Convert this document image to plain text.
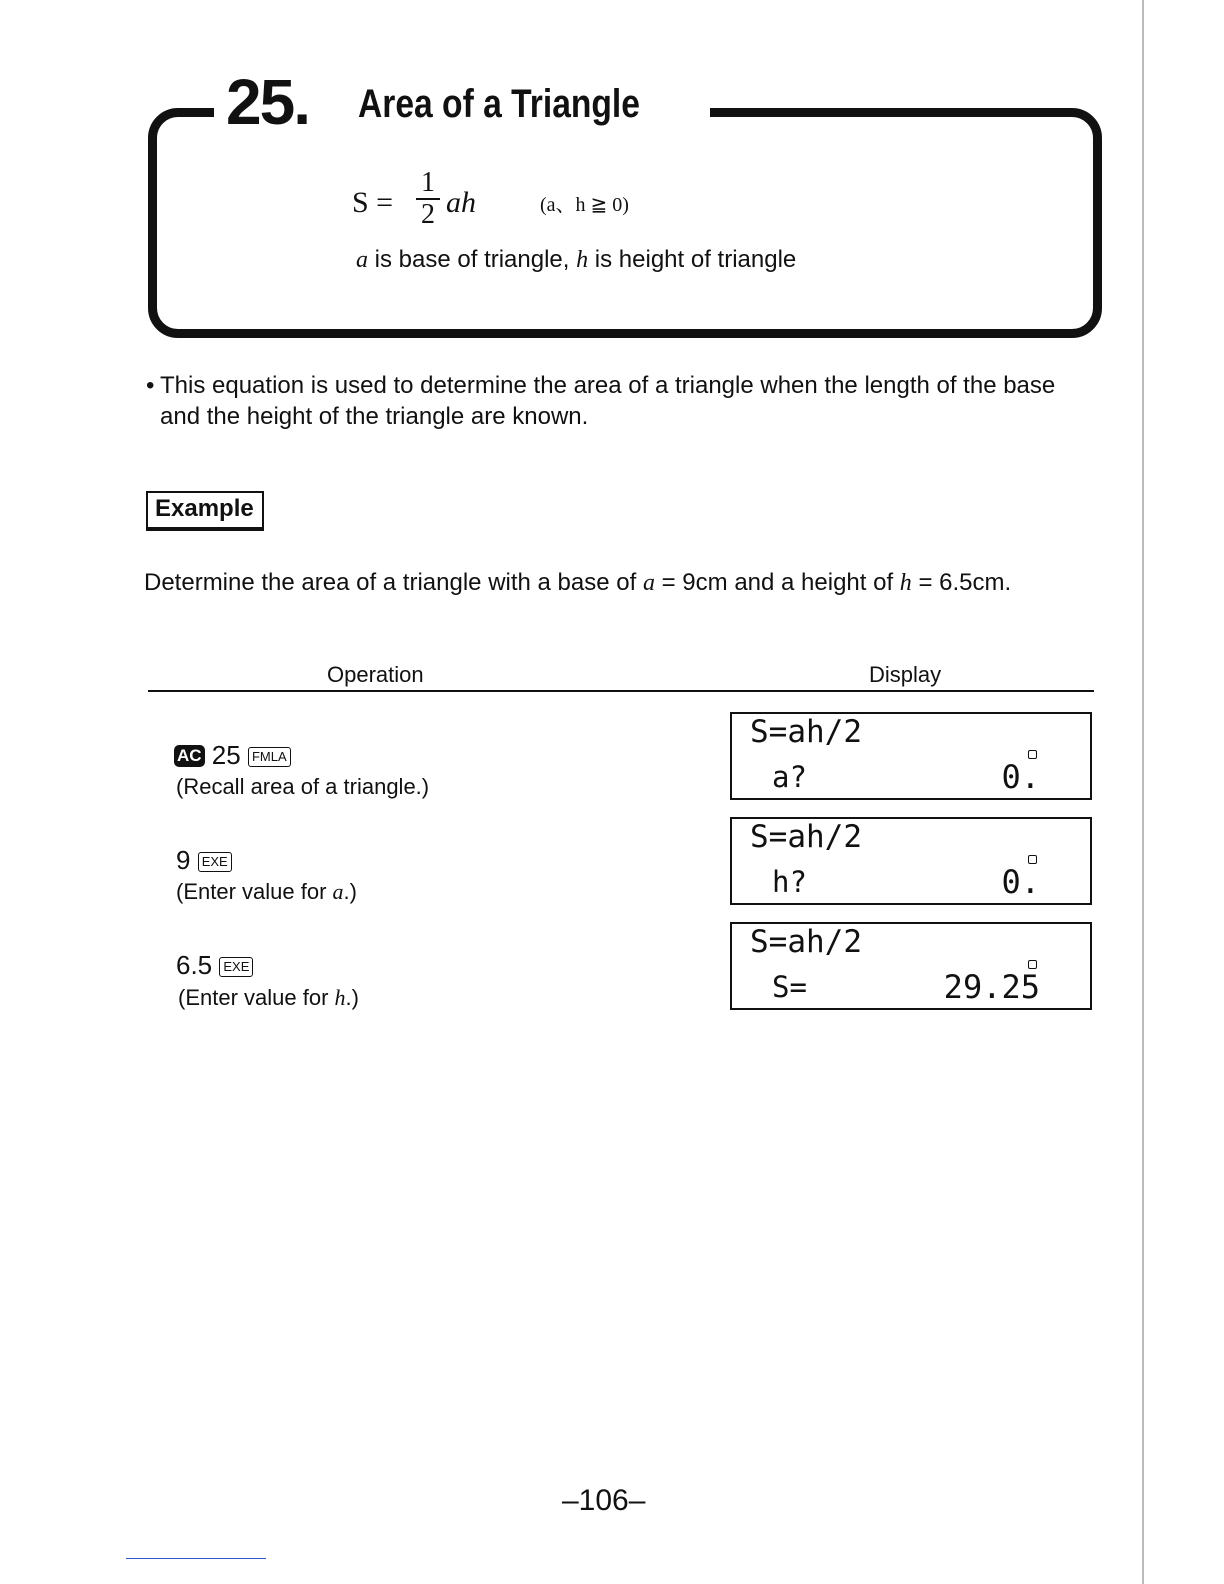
25. Area of a Triangle
S =
1
2 ah	(a、h ≧ 0)
a is base of triangle, h is height of triangle
• This equation is used to determine the area of a triangle when the length of the base and the height of the triangle are known.
Example
Determine the area of a triangle with a base of a = 9cm and a height of h = 6.5cm.
Operation	Display
AC 25 FMLA
(Recall area of a triangle.)
S=ah/2
a?	0.
9 EXE
(Enter value for a.)
S=ah/2
h?	0.
6.5 EXE
(Enter value for h.)
S=ah/2
S=	29.25
–106–
